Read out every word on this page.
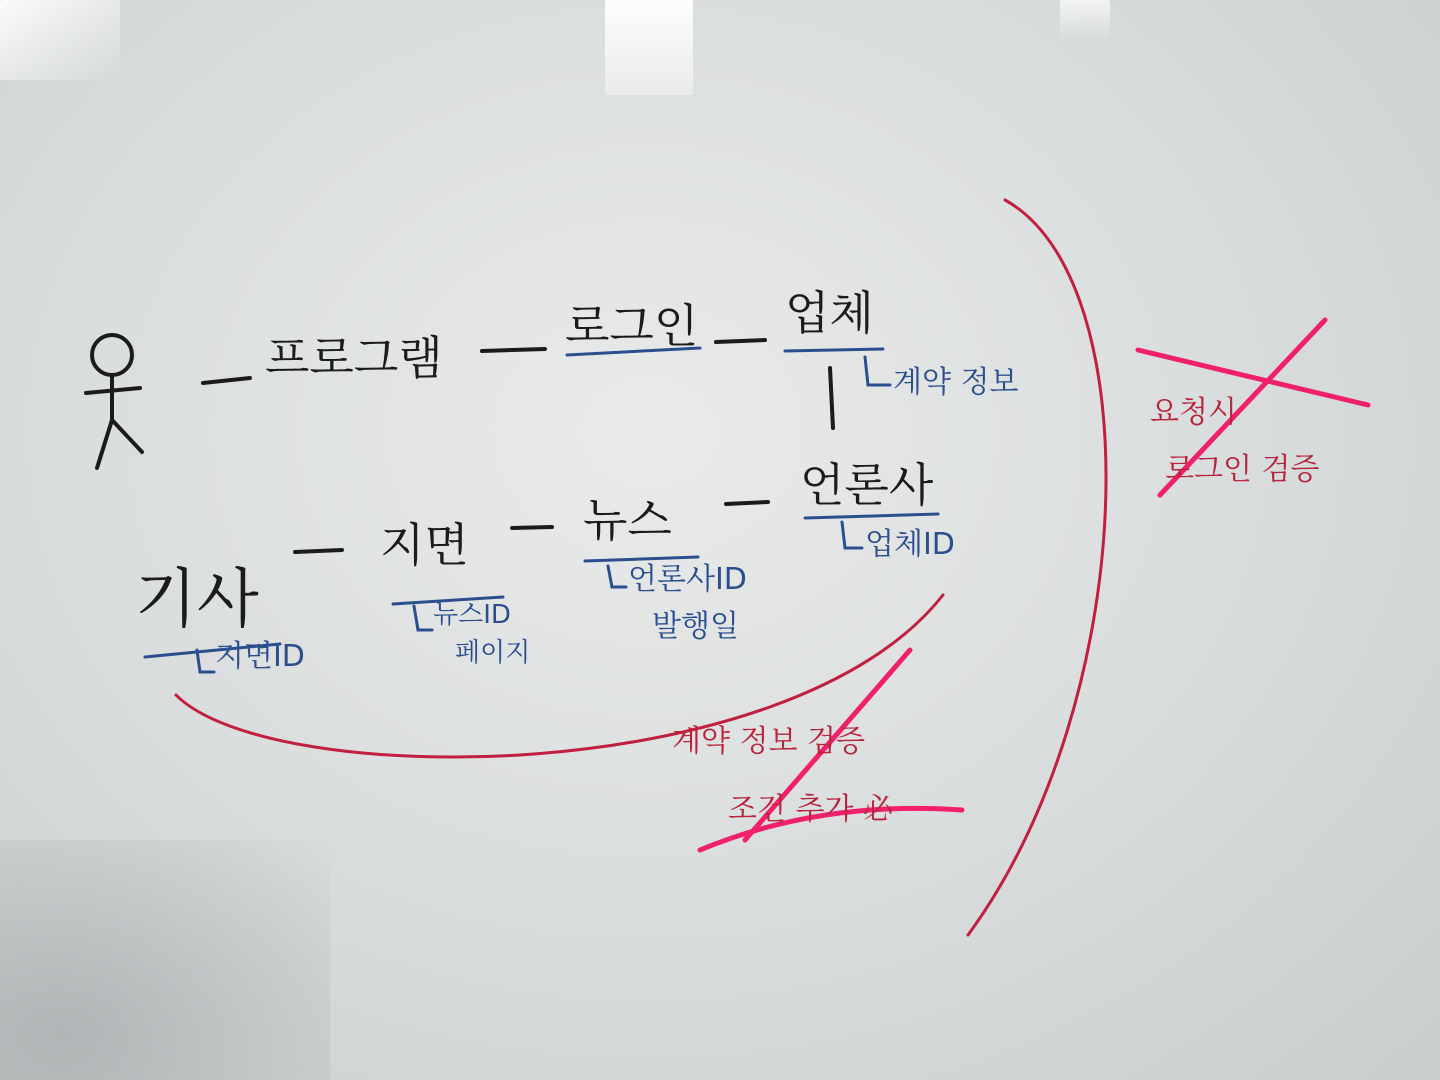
프로그램
로그인 업체
계약 정보
기사
지면 뉴스
언론사
지면ID
뉴스ID
페이지
언론사ID
발행일
업체ID
요청시
로그인 검증
계약 정보 검증
조건 추가 必
